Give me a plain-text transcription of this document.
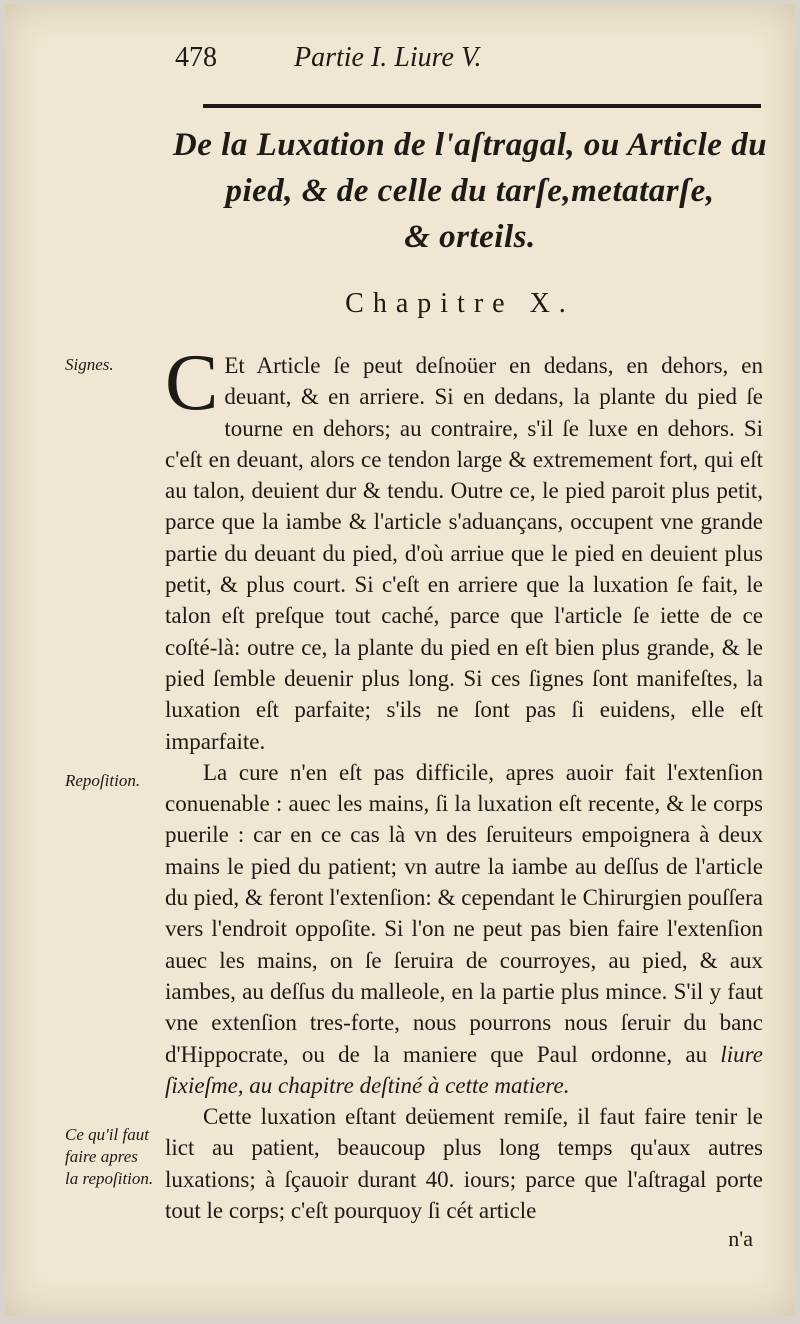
478	Partie I. Liure V.
De la Luxation de l'aſtragal, ou Article du
pied, & de celle du tarſe,metatarſe,
& orteils.
Chapitre X.
Signes.
Repoſition.
Ce qu'il faut faire apres la repoſition.

C Et Article ſe peut deſnoüer en dedans, en dehors, en deuant, & en arriere. Si en dedans, la plante du pied ſe tourne en dehors; au contraire, s'il ſe luxe en dehors. Si c'eſt en deuant, alors ce tendon large & extremement fort, qui eſt au talon, deuient dur & tendu. Outre ce, le pied paroit plus petit, parce que la iambe & l'article s'aduançans, occupent vne grande partie du deuant du pied, d'où arriue que le pied en deuient plus petit, & plus court. Si c'eſt en arriere que la luxation ſe fait, le talon eſt preſque tout caché, parce que l'article ſe iette de ce coſté-là: outre ce, la plante du pied en eſt bien plus grande, & le pied ſemble deuenir plus long. Si ces ſignes ſont manifeſtes, la luxation eſt parfaite; s'ils ne ſont pas ſi euidens, elle eſt imparfaite.

La cure n'en eſt pas difficile, apres auoir fait l'extenſion conuenable : auec les mains, ſi la luxation eſt recente, & le corps puerile : car en ce cas là vn des ſeruiteurs empoignera à deux mains le pied du patient; vn autre la iambe au deſſus de l'article du pied, & feront l'extenſion: & cependant le Chirurgien pouſſera vers l'endroit oppoſite. Si l'on ne peut pas bien faire l'extenſion auec les mains, on ſe ſeruira de courroyes, au pied, & aux iambes, au deſſus du malleole, en la partie plus mince. S'il y faut vne extenſion tres-forte, nous pourrons nous ſeruir du banc d'Hippocrate, ou de la maniere que Paul ordonne, au liure ſixieſme, au chapitre deſtiné à cette matiere.

Cette luxation eſtant deüement remiſe, il faut faire tenir le lict au patient, beaucoup plus long temps qu'aux autres luxations; à ſçauoir durant 40. iours; parce que l'aſtragal porte tout le corps; c'eſt pourquoy ſi cét article

n'a
